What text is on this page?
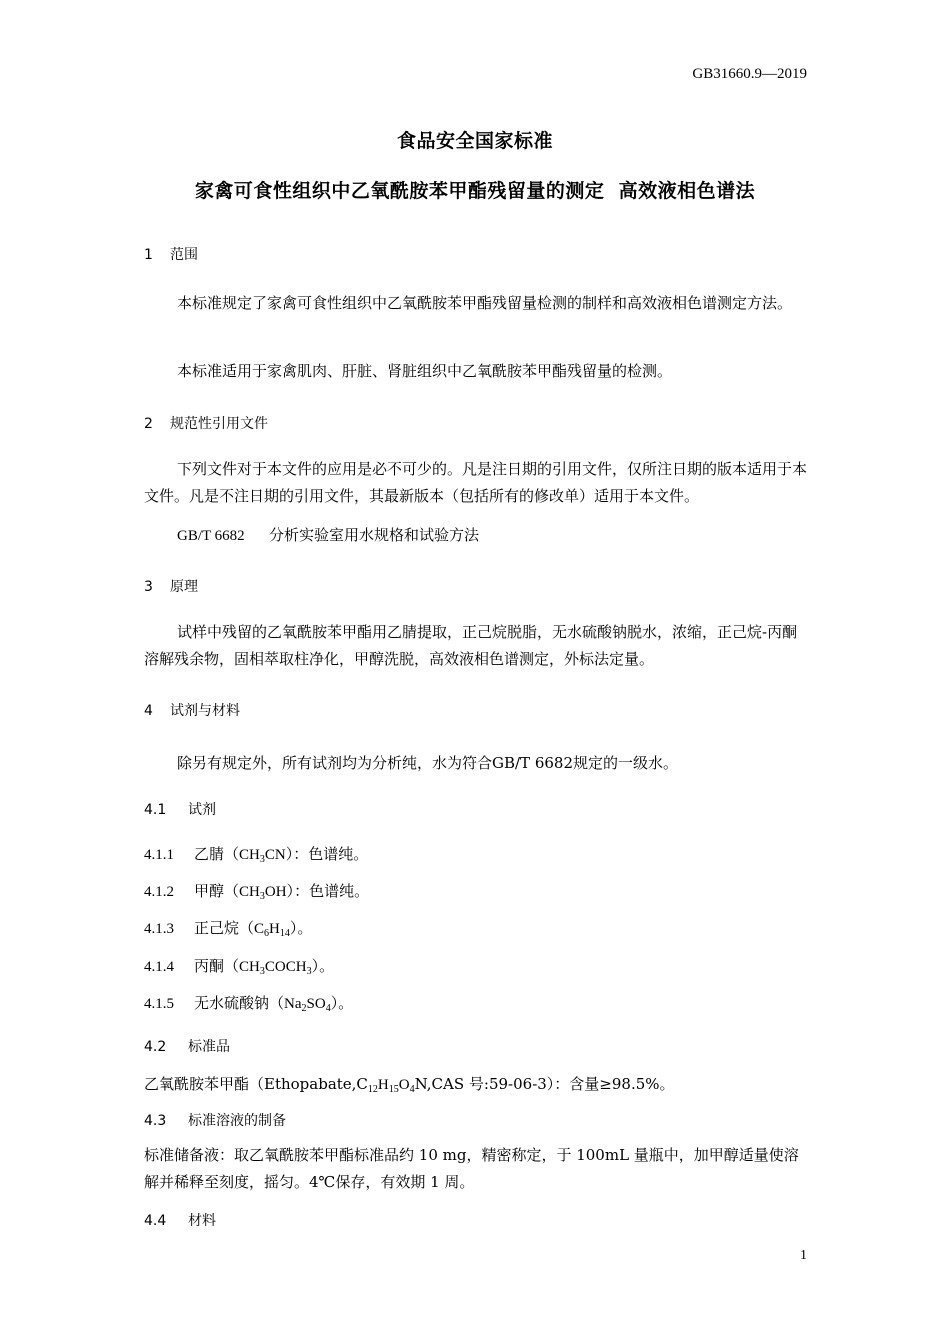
GB31660.9—2019
食品安全国家标准
家禽可食性组织中乙氧酰胺苯甲酯残留量的测定  高效液相色谱法
1 范围
本标准规定了家禽可食性组织中乙氧酰胺苯甲酯残留量检测的制样和高效液相色谱测定方法。
本标准适用于家禽肌肉、肝脏、肾脏组织中乙氧酰胺苯甲酯残留量的检测。
2 规范性引用文件
下列文件对于本文件的应用是必不可少的。凡是注日期的引用文件，仅所注日期的版本适用于本文件。凡是不注日期的引用文件，其最新版本（包括所有的修改单）适用于本文件。
GB/T 6682 分析实验室用水规格和试验方法
3 原理
试样中残留的乙氧酰胺苯甲酯用乙腈提取，正己烷脱脂，无水硫酸钠脱水，浓缩，正己烷-丙酮溶解残余物，固相萃取柱净化，甲醇洗脱，高效液相色谱测定，外标法定量。
4 试剂与材料
除另有规定外，所有试剂均为分析纯，水为符合GB/T 6682规定的一级水。
4.1 试剂
4.1.1 乙腈$(CH_3CN)$：色谱纯。
4.1.2 甲醇$(CH_3OH)$：色谱纯。
4.1.3 正己烷$(C_6H_{14})$。
4.1.4 丙酮$(CH_3COCH_3)$。
4.1.5 无水硫酸钠$(Na_2SO_4)$。
4.2 标准品
乙氧酰胺苯甲酯（$Ethopabate,C_{12}H_{15}O_4N,CAS$ 号:59-06-3）：含量≥98.5%。
4.3 标准溶液的制备
标准储备液：取乙氧酰胺苯甲酯标准品约 10 mg，精密称定，于 100mL 量瓶中，加甲醇适量使溶解并稀释至刻度，摇匀。4℃保存，有效期 1 周。
4.4 材料
1
